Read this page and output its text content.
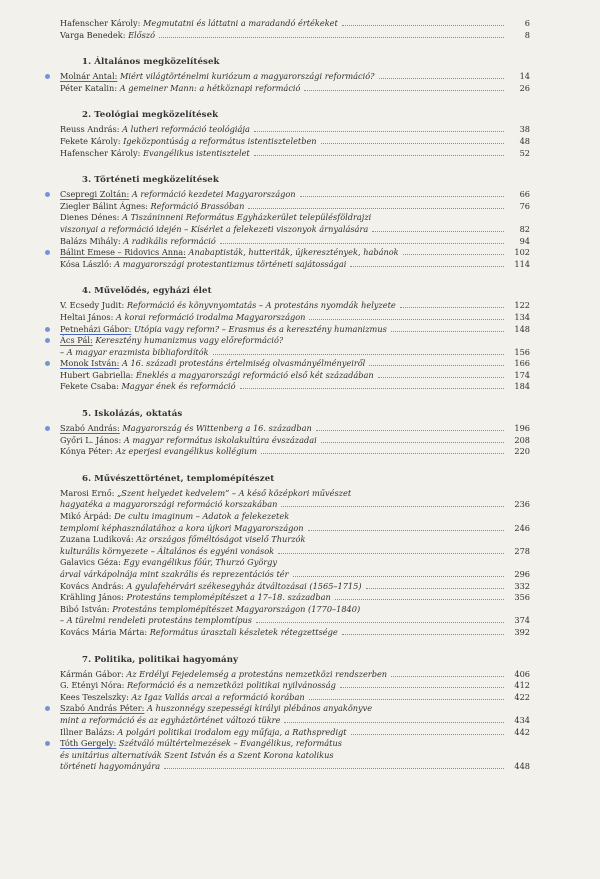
Hafenscher Károly: Megmutatni és láttatni a maradandó értékeket	6
Varga Benedek: Előszó	8
1. Általános megközelítések
Molnár Antal: Miért világtörténelmi kuriózum a magyarországi reformáció?	14
Péter Katalin: A gemeiner Mann: a hétköznapi reformáció	26
2. Teológiai megközelítések
Reuss András: A lutheri reformáció teológiája	38
Fekete Károly: Igeközpontúság a református istentiszteletben	48
Hafenscher Károly: Evangélikus istentisztelet	52
3. Történeti megközelítések
Csepregi Zoltán: A reformáció kezdetei Magyarországon	66
Ziegler Bálint Ágnes: Reformáció Brassóban	76
Dienes Dénes: A Tiszáninneni Református Egyházkerület településföldrajzi
viszonyai a reformáció idején – Kísérlet a felekezeti viszonyok árnyalására	82
Balázs Mihály: A radikális reformáció	94
Bálint Emese – Ridovics Anna: Anabaptisták, hutteriták, újkeresztények, habánok	102
Kósa László: A magyarországi protestantizmus történeti sajátosságai	114
4. Művelődés, egyházi élet
V. Ecsedy Judit: Reformáció és könyvnyomtatás – A protestáns nyomdák helyzete	122
Heltai János: A korai reformáció irodalma Magyarországon	134
Petneházi Gábor: Utópia vagy reform? – Erasmus és a keresztény humanizmus	148
Ács Pál: Keresztény humanizmus vagy előreformáció?
– A magyar erazmista bibliafordítók	156
Monok István: A 16. századi protestáns értelmiség olvasmányélményeiről	166
Hubert Gabriella: Éneklés a magyarországi reformáció első két századában	174
Fekete Csaba: Magyar ének és reformáció	184
5. Iskolázás, oktatás
Szabó András: Magyarország és Wittenberg a 16. században	196
Győri L. János: A magyar református iskolakultúra évszázadai	208
Kónya Péter: Az eperjesi evangélikus kollégium	220
6. Művészettörténet, templomépítészet
Marosi Ernő: „Szent helyedet kedvelem” – A késő középkori művészet
hagyatéka a magyarországi reformáció korszakában	236
Mikó Árpád: De cultu imaginum – Adatok a felekezetek
templomi képhasználatához a kora újkori Magyarországon	246
Zuzana Ludiková: Az országos főméltóságot viselő Thurzók
kulturális környezete – Általános és egyéni vonások	278
Galavics Géza: Egy evangélikus főúr, Thurzó György
árval várkápolnája mint szakrális és reprezentációs tér	296
Kovács András: A gyulafehérvári székesegyház átváltozásai (1565–1715)	332
Krähling János: Protestáns templomépítészet a 17–18. században	356
Bibó István: Protestáns templomépítészet Magyarországon (1770–1840)
– A türelmi rendeleti protestáns templomtípus	374
Kovács Mária Márta: Református úrasztali készletek rétegzettsége	392
7. Politika, politikai hagyomány
Kármán Gábor: Az Erdélyi Fejedelemség a protestáns nemzetközi rendszerben	406
G. Etényi Nóra: Reformáció és a nemzetközi politikai nyilvánosság	412
Kees Teszelszky: Az Igaz Vallás arcai a reformáció korában	422
Szabó András Péter: A huszonnégy szepességi királyi plébános anyakönyve
mint a reformáció és az egyháztörténet változó tükre	434
Illner Balázs: A polgári politikai irodalom egy műfaja, a Rathspredigt	442
Tóth Gergely: Szétváló múltértelmezések – Evangélikus, református
és unitárius alternatívák Szent István és a Szent Korona katolikus
történeti hagyományára	448
